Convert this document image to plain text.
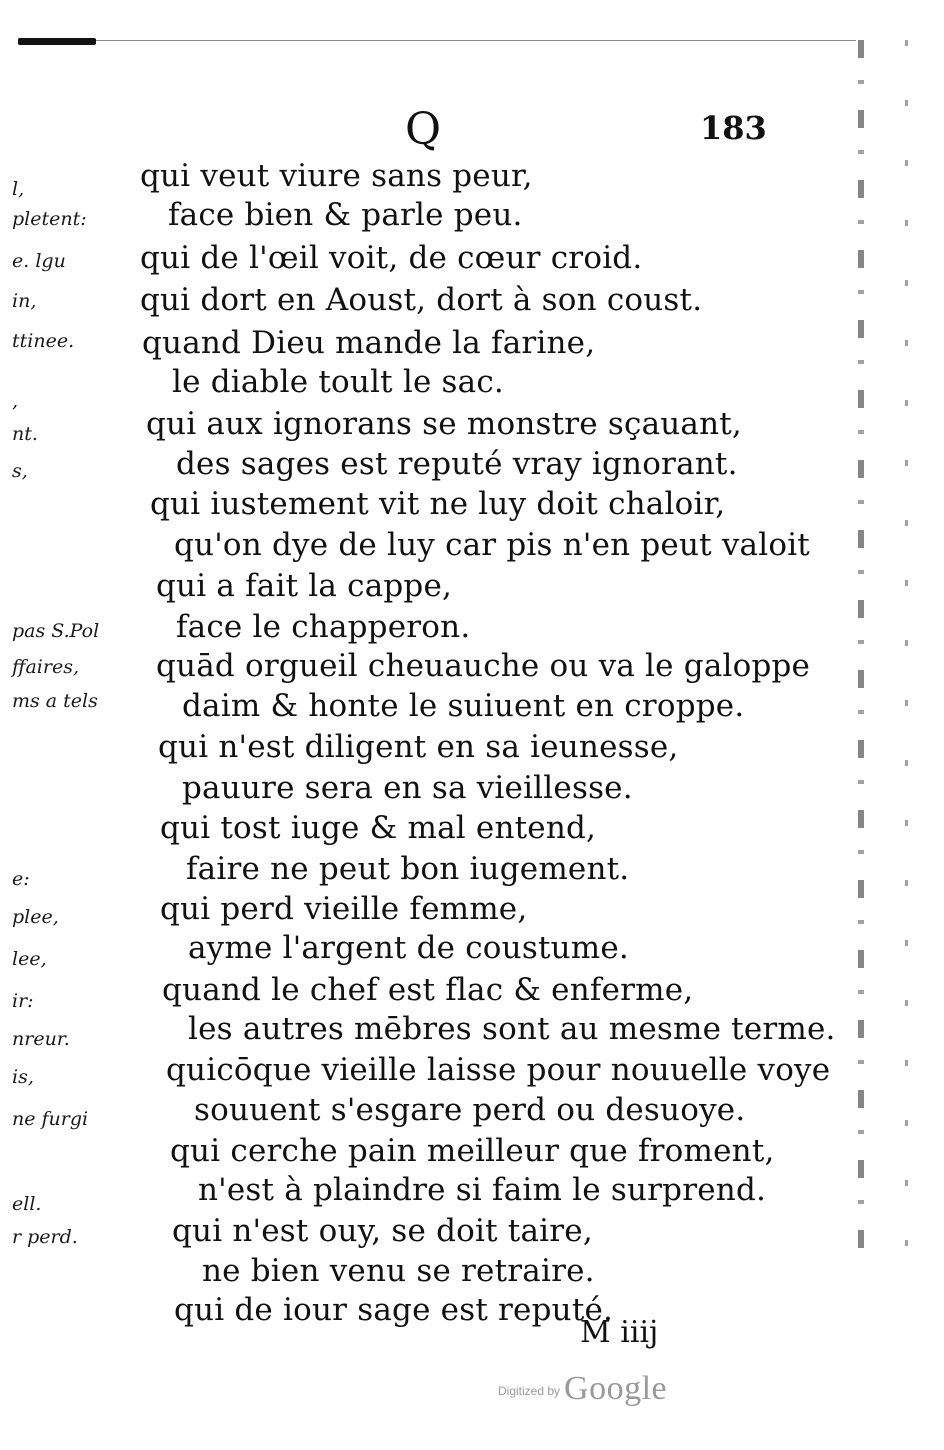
Q	183
l,
pletent:
e. lgu
in,
ttinee.
,
nt.
s,
pas S.Pol
ffaires,
ms a tels
e:
plee,
lee,
ir:
nreur.
is,
ne furgi
ell.
r perd.
qui veut viure sans peur,
face bien & parle peu.
qui de l'œil voit, de cœur croid.
qui dort en Aoust, dort à son coust.
quand Dieu mande la farine,
le diable toult le sac.
qui aux ignorans se monstre sçauant,
des sages est reputé vray ignorant.
qui iustement vit ne luy doit chaloir,
qu'on dye de luy car pis n'en peut valoit
qui a fait la cappe,
face le chapperon.
quād orgueil cheuauche ou va le galoppe
daim & honte le suiuent en croppe.
qui n'est diligent en sa ieunesse,
pauure sera en sa vieillesse.
qui tost iuge & mal entend,
faire ne peut bon iugement.
qui perd vieille femme,
ayme l'argent de coustume.
quand le chef est flac & enferme,
les autres mēbres sont au mesme terme.
quicōque vieille laisse pour nouuelle voye
souuent s'esgare perd ou desuoye.
qui cerche pain meilleur que froment,
n'est à plaindre si faim le surprend.
qui n'est ouy, se doit taire,
ne bien venu se retraire.
qui de iour sage est reputé.
M iiij
$^{Digitized by}$ Google
